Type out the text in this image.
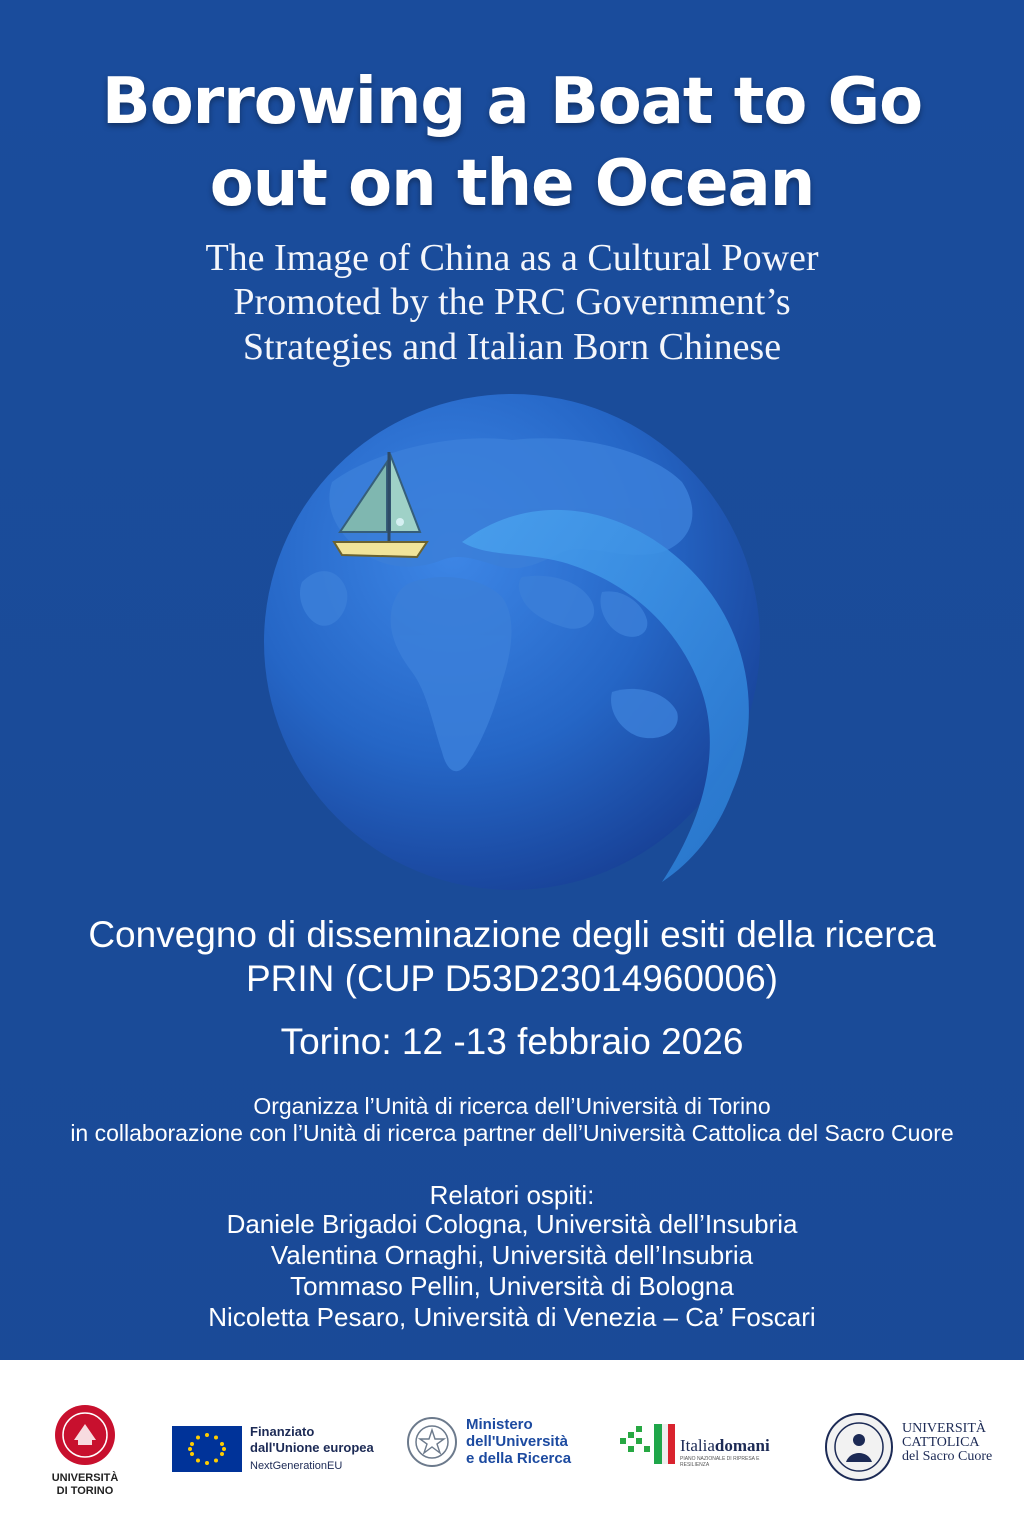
Borrowing a Boat to Go
out on the Ocean
The Image of China as a Cultural Power
Promoted by the PRC Government’s
Strategies and Italian Born Chinese
Convegno di disseminazione degli esiti della ricerca
PRIN (CUP D53D23014960006)
Torino: 12 -13 febbraio 2026
Organizza l’Unità di ricerca dell’Università di Torino
in collaborazione con l’Unità di ricerca partner dell’Università Cattolica del Sacro Cuore
Relatori ospiti:
Daniele Brigadoi Cologna, Università dell’Insubria
Valentina Ornaghi, Università dell’Insubria
Tommaso Pellin, Università di Bologna
Nicoletta Pesaro, Università di Venezia – Ca’ Foscari
UNIVERSITÀ
DI TORINO
Finanziato
dall'Unione europea
NextGenerationEU
Ministero
dell'Università
e della Ricerca
Italiadomani
PIANO NAZIONALE DI RIPRESA E RESILIENZA
UNIVERSITÀ
CATTOLICA
del Sacro Cuore
